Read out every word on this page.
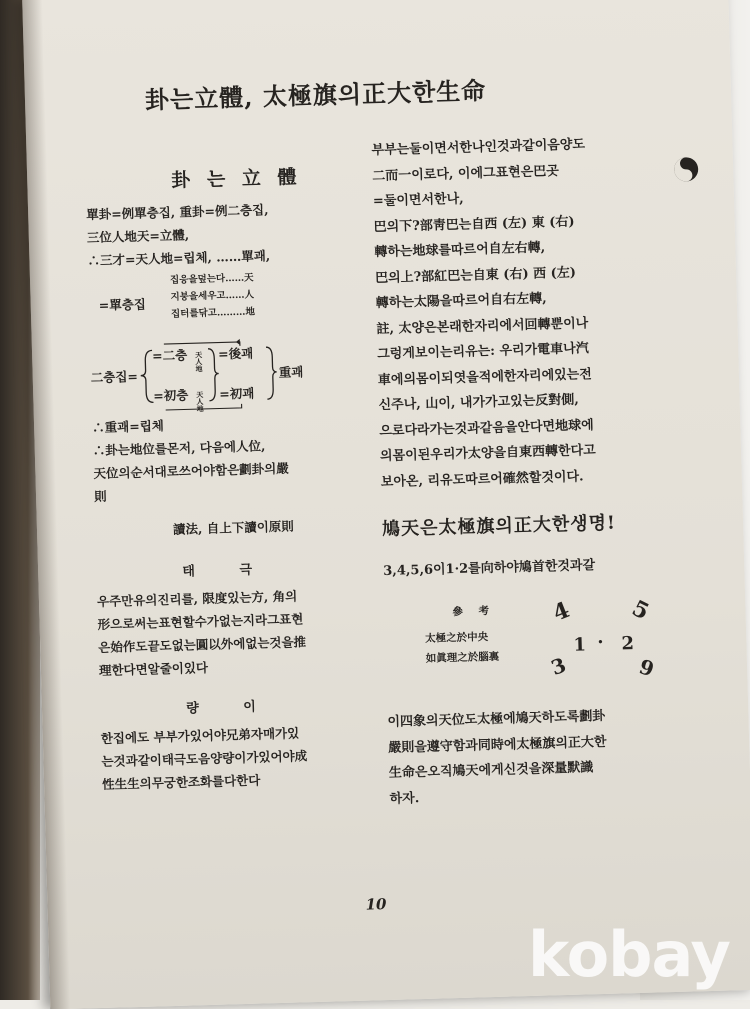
卦는立體, 太極旗의正大한生命
卦 는 立 體
單卦=例單층집, 重卦=例二층집,
三位人地天=立體,
∴三才=天人地=립체, ……單괘,
=單층집
집응을덮는다……天
지붕을세우고……人
집터를닦고………地
二층집=
=二층
=初층
天人地
天人地
=後괘
=初괘
重괘
∴重괘=립체
∴卦는地位를몬저, 다음에人位,
天位의순서대로쓰어야함은劃卦의嚴
則
讀法, 自上下讀이原則
태 극
우주만유의진리를, 限度있는方, 角의
形으로써는표현할수가없는지라그표현
은始作도끝도없는圓以外에없는것을推
理한다면알줄이있다
량 이
한집에도 부부가있어야兄弟자매가있
는것과같이태극도음양량이가있어야成
性生生의무궁한조화를다한다
부부는둘이면서한나인것과같이음양도
二而一이로다, 이에그표현은巴곳
=둘이면서한나,
巴의下?部靑巴는自西 (左) 東 (右)
轉하는地球를따르어自左右轉,
巴의上?部紅巴는自東 (右) 西 (左)
轉하는太陽을따르어自右左轉,
註, 太양은본래한자리에서回轉뿐이나
그렁게보이는리유는: 우리가電車나汽
車에의몸이되엿을적에한자리에있는전
신주나, 山이, 내가가고있는反對側,
으로다라가는것과같음을안다면地球에
의몸이된우리가太양을自東西轉한다고
보아온, 리유도따르어確然할것이다.
鳩天은太極旗의正大한생명!
3,4,5,6이1·2를向하야鳩首한것과갈
參 考
太極之於中央
如眞理之於腦裏
4 5
1 · 2
3	6
이四象의天位도太極에鳩天하도록劃卦
嚴則을遵守함과同時에太極旗의正大한
生命은오직鳩天에게신것을深量默識
하자.
10
kobay
